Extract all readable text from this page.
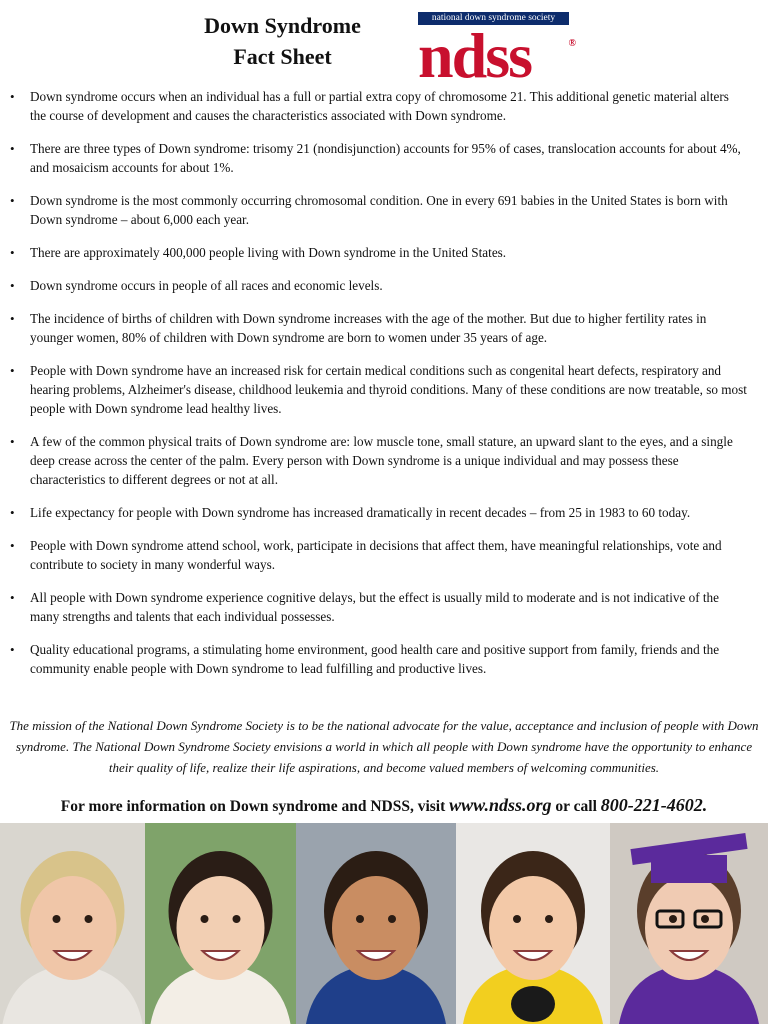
Down Syndrome
Fact Sheet
national down syndrome society
ndss	®
• Down syndrome occurs when an individual has a full or partial extra copy of chromosome 21. This additional genetic material alters the course of development and causes the characteristics associated with Down syndrome.
• There are three types of Down syndrome: trisomy 21 (nondisjunction) accounts for 95% of cases, translocation accounts for about 4%, and mosaicism accounts for about 1%.
• Down syndrome is the most commonly occurring chromosomal condition. One in every 691 babies in the United States is born with Down syndrome – about 6,000 each year.
• There are approximately 400,000 people living with Down syndrome in the United States.
• Down syndrome occurs in people of all races and economic levels.
• The incidence of births of children with Down syndrome increases with the age of the mother. But due to higher fertility rates in younger women, 80% of children with Down syndrome are born to women under 35 years of age.
• People with Down syndrome have an increased risk for certain medical conditions such as congenital heart defects, respiratory and hearing problems, Alzheimer's disease, childhood leukemia and thyroid conditions. Many of these conditions are now treatable, so most people with Down syndrome lead healthy lives.
• A few of the common physical traits of Down syndrome are: low muscle tone, small stature, an upward slant to the eyes, and a single deep crease across the center of the palm. Every person with Down syndrome is a unique individual and may possess these characteristics to different degrees or not at all.
• Life expectancy for people with Down syndrome has increased dramatically in recent decades – from 25 in 1983 to 60 today.
• People with Down syndrome attend school, work, participate in decisions that affect them, have meaningful relationships, vote and contribute to society in many wonderful ways.
• All people with Down syndrome experience cognitive delays, but the effect is usually mild to moderate and is not indicative of the many strengths and talents that each individual possesses.
• Quality educational programs, a stimulating home environment, good health care and positive support from family, friends and the community enable people with Down syndrome to lead fulfilling and productive lives.
The mission of the National Down Syndrome Society is to be the national advocate for the value, acceptance and inclusion of people with Down syndrome. The National Down Syndrome Society envisions a world in which all people with Down syndrome have the opportunity to enhance their quality of life, realize their life aspirations, and become valued members of welcoming communities.
For more information on Down syndrome and NDSS, visit www.ndss.org or call 800-221-4602.
